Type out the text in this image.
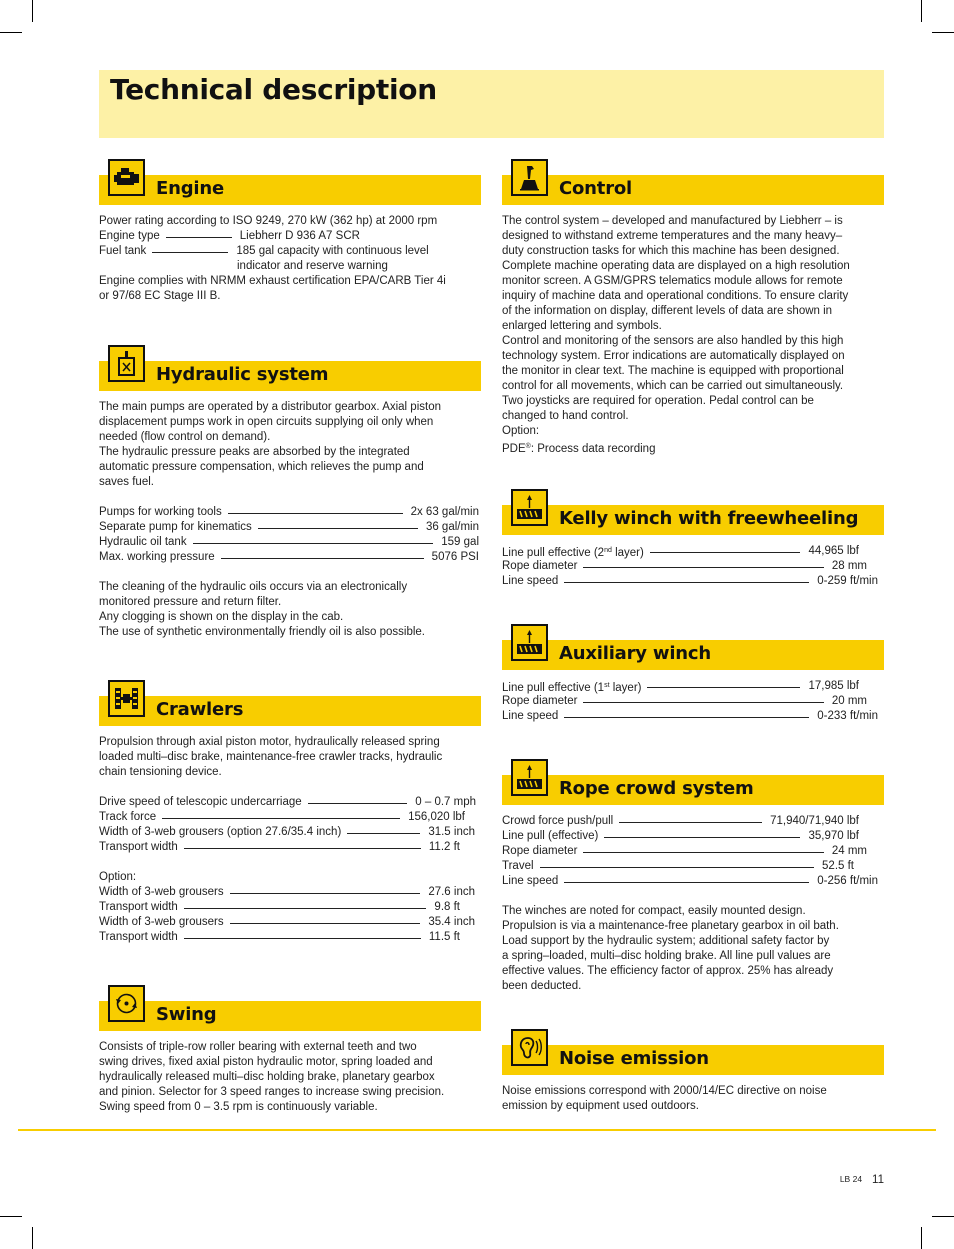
Technical description
Engine

Power rating according to ISO 9249, 270 kW (362 hp) at 2000 rpm

Engine type	Liebherr D 936 A7 SCR
Fuel tank	185 gal capacity with continuous level

indicator and reserve warning

Engine complies with NRMM exhaust certification EPA/CARB Tier 4i

or 97/68 EC Stage III B.

Hydraulic system

The main pumps are operated by a distributor gearbox. Axial piston

displacement pumps work in open circuits supplying oil only when

needed (flow control on demand).

The hydraulic pressure peaks are absorbed by the integrated

automatic pressure compensation, which relieves the pump and

saves fuel.

Pumps for working tools	2x 63 gal/min
Separate pump for kinematics	36 gal/min
Hydraulic oil tank	159 gal
Max. working pressure	5076 PSI

The cleaning of the hydraulic oils occurs via an electronically

monitored pressure and return filter.

Any clogging is shown on the display in the cab.

The use of synthetic environmentally friendly oil is also possible.

Crawlers

Propulsion through axial piston motor, hydraulically released spring

loaded multi–disc brake, maintenance-free crawler tracks, hydraulic

chain tensioning device.

Drive speed of telescopic undercarriage	0 – 0.7 mph
Track force	156,020 lbf
Width of 3-web grousers (option 27.6/35.4 inch)	31.5 inch
Transport width	11.2 ft

Option:

Width of 3-web grousers	27.6 inch
Transport width	9.8 ft
Width of 3-web grousers	35.4 inch
Transport width	11.5 ft
Swing

Consists of triple-row roller bearing with external teeth and two

swing drives, fixed axial piston hydraulic motor, spring loaded and

hydraulically released multi–disc holding brake, planetary gearbox

and pinion. Selector for 3 speed ranges to increase swing precision.

Swing speed from 0 – 3.5 rpm is continuously variable.

Control

The control system – developed and manufactured by Liebherr – is

designed to withstand extreme temperatures and the many heavy–

duty construction tasks for which this machine has been designed.

Complete machine operating data are displayed on a high resolution

monitor screen. A GSM/GPRS telematics module allows for remote

inquiry of machine data and operational conditions. To ensure clarity

of the information on display, different levels of data are shown in

enlarged lettering and symbols.

Control and monitoring of the sensors are also handled by this high

technology system. Error indications are automatically displayed on

the monitor in clear text. The machine is equipped with proportional

control for all movements, which can be carried out simultaneously.

Two joysticks are required for operation. Pedal control can be

changed to hand control.

Option:

PDE®: Process data recording

Kelly winch with freewheeling
Line pull effective (2nd layer)	44,965 lbf
Rope diameter	28 mm
Line speed	0-259 ft/min
Auxiliary winch
Line pull effective (1st layer)	17,985 lbf
Rope diameter	20 mm
Line speed	0-233 ft/min
Rope crowd system
Crowd force push/pull	71,940/71,940 lbf
Line pull (effective)	35,970 lbf
Rope diameter	24 mm
Travel	52.5 ft
Line speed	0-256 ft/min

The winches are noted for compact, easily mounted design.

Propulsion is via a maintenance-free planetary gearbox in oil bath.

Load support by the hydraulic system; additional safety factor by

a spring–loaded, multi–disc holding brake. All line pull values are

effective values. The efficiency factor of approx. 25% has already

been deducted.

Noise emission

Noise emissions correspond with 2000/14/EC directive on noise

emission by equipment used outdoors.

LB 24 11
